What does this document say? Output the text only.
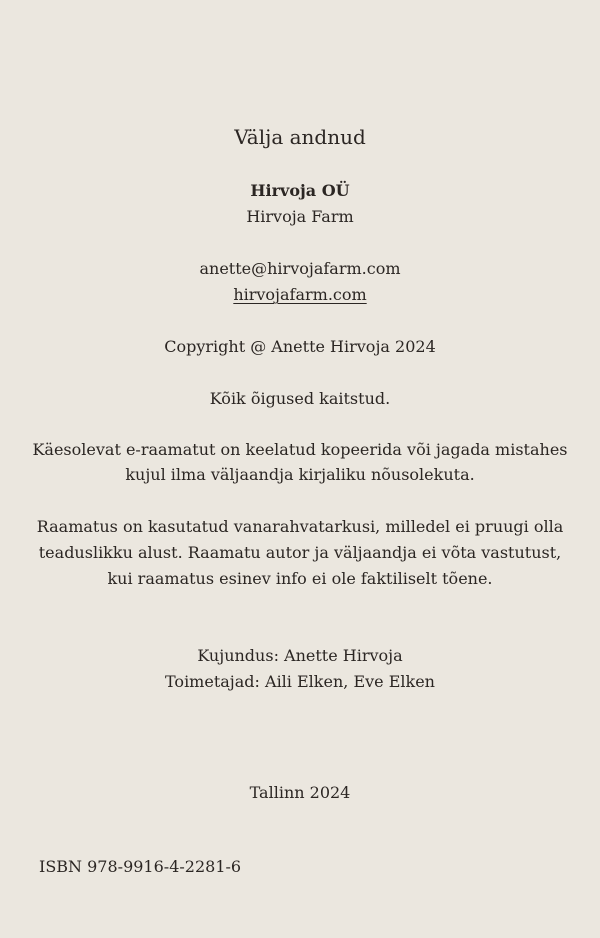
Välja andnud
Hirvoja OÜ
Hirvoja Farm
anette@hirvojafarm.com
hirvojafarm.com
Copyright @ Anette Hirvoja 2024
Kõik õigused kaitstud.
Käesolevat e-raamatut on keelatud kopeerida või jagada mistahes
kujul ilma väljaandja kirjaliku nõusolekuta.
Raamatus on kasutatud vanarahvatarkusi, milledel ei pruugi olla
teaduslikku alust. Raamatu autor ja väljaandja ei võta vastutust,
kui raamatus esinev info ei ole faktiliselt tõene.
Kujundus: Anette Hirvoja
Toimetajad: Aili Elken, Eve Elken
Tallinn 2024
ISBN 978-9916-4-2281-6
